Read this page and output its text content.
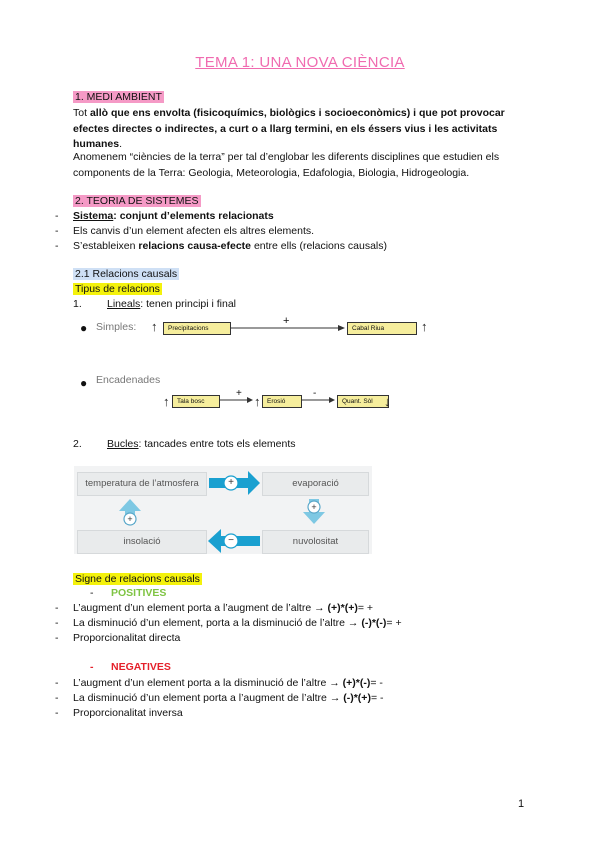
TEMA 1: UNA NOVA CIÈNCIA
1. MEDI AMBIENT
Tot allò que ens envolta (fisicoquímics, biològics i socioeconòmics) i que pot provocar efectes directes o indirectes, a curt o a llarg termini, en els éssers vius i les activitats humanes.
Anomenem “ciències de la terra” per tal d’englobar les diferents disciplines que estudien els components de la Terra: Geologia, Meteorologia, Edafologia, Biologia, Hidrogeologia.
2. TEORIA DE SISTEMES
- Sistema: conjunt d’elements relacionats
- Els canvis d’un element afecten els altres elements.
- S’estableixen relacions causa-efecte entre ells (relacions causals)
2.1 Relacions causals
Tipus de relacions
1. Lineals: tenen principi i final
● Simples: ↑	Precipitacions
+
Cabal Riua	↑
● Encadenades
↑	Tala bosc
+
↑	Erosió
-
Quant. Sòl ↓
2. Bucles: tancades entre tots els elements
temperatura de l’atmosfera	evaporació
insolació	nuvolositat
+
+
+
−
Signe de relacions causals
- POSITIVES
- L’augment d’un element porta a l’augment de l’altre → (+)*(+)= +
- La disminució d’un element, porta a la disminució de l’altre → (-)*(-)= +
- Proporcionalitat directa
- NEGATIVES
- L’augment d’un element porta a la disminució de l’altre → (+)*(-)= -
- La disminució d’un element porta a l’augment de l’altre → (-)*(+)= -
- Proporcionalitat inversa
1
